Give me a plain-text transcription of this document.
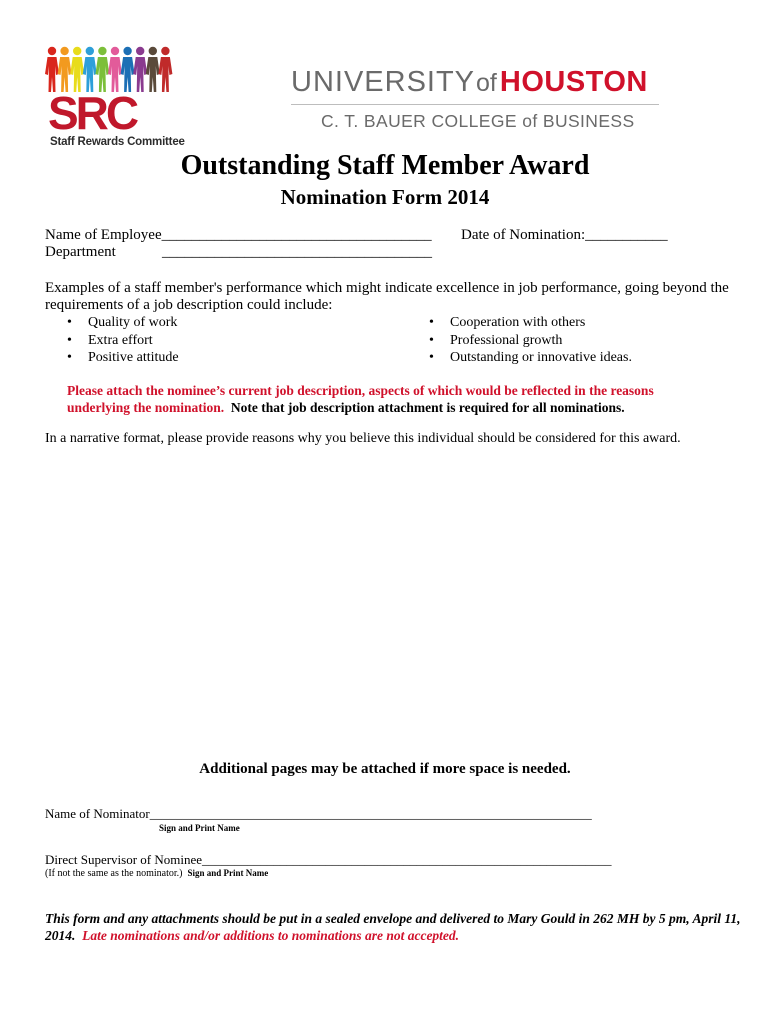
SRC
Staff Rewards Committee
UNIVERSITYof HOUSTON
C. T. BAUER COLLEGE of BUSINESS
Outstanding Staff Member Award
Nomination Form 2014
Name of Employee____________________________________ Date of Nomination:___________
Department	____________________________________
Examples of a staff member's performance which might indicate excellence in job performance, going beyond the
requirements of a job description could include:
• Quality of work
• Extra effort
• Positive attitude
• Cooperation with others
• Professional growth
• Outstanding or innovative ideas.
Please attach the nominee’s current job description, aspects of which would be reflected in the reasons
underlying the nomination. Note that job description attachment is required for all nominations.
In a narrative format, please provide reasons why you believe this individual should be considered for this award.
Additional pages may be attached if more space is needed.
Name of Nominator____________________________________________________________________
Sign and Print Name
Direct Supervisor of Nominee_______________________________________________________________
(If not the same as the nominator.) Sign and Print Name
This form and any attachments should be put in a sealed envelope and delivered to Mary Gould in 262 MH by 5 pm, April 11,
2014. Late nominations and/or additions to nominations are not accepted.
